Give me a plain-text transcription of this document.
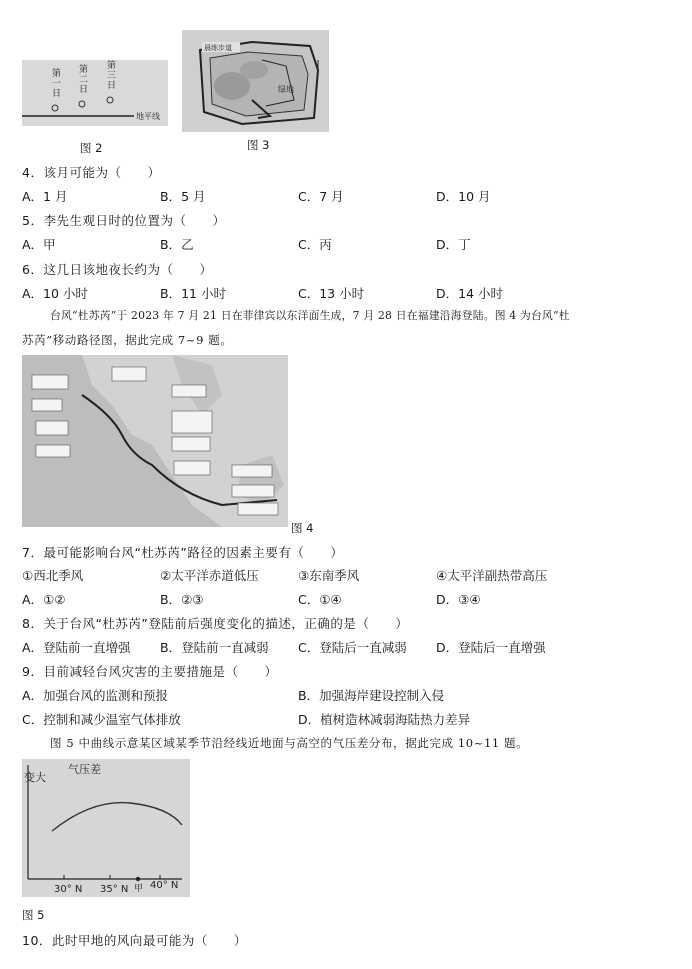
第一日
第二日
第三日
地平线
图 2
晨练步道
绿地
图 3
4．该月可能为（　　）
A．1 月	B．5 月	C．7 月	D．10 月
5．李先生观日时的位置为（　　）
A．甲	B．乙	C．丙	D．丁
6．这几日该地夜长约为（　　）
A．10 小时	B．11 小时	C．13 小时	D．14 小时
台风“杜苏芮”于 2023 年 7 月 21 日在菲律宾以东洋面生成，7 月 28 日在福建沿海登陆。图 4 为台风“杜
苏芮”移动路径图，据此完成 7~9 题。
图 4
7．最可能影响台风“杜苏芮”路径的因素主要有（　　）
①西北季风	②太平洋赤道低压	③东南季风	④太平洋副热带高压
A．①②	B．②③	C．①④	D．③④
8．关于台风“杜苏芮”登陆前后强度变化的描述，正确的是（　　）
A．登陆前一直增强 B．登陆前一直减弱 C．登陆后一直减弱 D．登陆后一直增强
9．目前减轻台风灾害的主要措施是（　　）
A．加强台风的监测和预报	B．加强海岸建设控制入侵
C．控制和减少温室气体排放	D．植树造林减弱海陆热力差异
图 5 中曲线示意某区域某季节沿经线近地面与高空的气压差分布，据此完成 10~11 题。
变大
气压差
30° N 35° N 甲 40° N
图 5
10．此时甲地的风向最可能为（　　）
